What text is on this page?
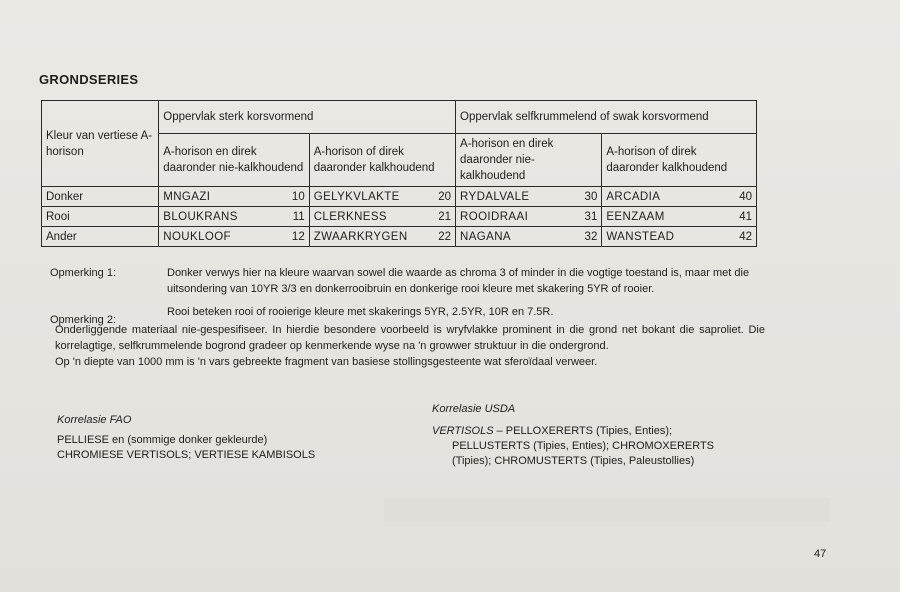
GRONDSERIES
Kleur van vertiese A-horison	Oppervlak sterk korsvormend		Oppervlak selfkrummelend of swak korsvormend	
	A-horison en direk daaronder nie-kalkhoudend	A-horison of direk daaronder kalkhoudend	A-horison en direk daaronder nie-kalkhoudend	A-horison of direk daaronder kalkhoudend
Donker	MNGAZI 10	GELYKVLAKTE 20	RYDALVALE 30	ARCADIA 40

Rooi	BLOUKRANS 11	CLERKNESS 21	ROOIDRAAI 31	EENZAAM 41

Ander	NOUKLOOF 12	ZWAARKRYGEN 22	NAGANA 32	WANSTEAD 42
Opmerking 1:	Donker verwys hier na kleure waarvan sowel die waarde as chroma 3 of minder in die vogtige toestand is, maar met die uitsondering van 10YR 3/3 en donkerrooibruin en donkerige rooi kleure met skakering 5YR of rooier.
Opmerking 2:
Rooi beteken rooi of rooierige kleure met skakerings 5YR, 2.5YR, 10R en 7.5R.

Onderliggende materiaal nie-gespesifiseer. In hierdie besondere voorbeeld is wryfvlakke prominent in die grond net bokant die saproliet. Die korrelagtige, selfkrummelende bogrond gradeer op kenmerkende wyse na 'n growwer struktuur in die ondergrond.

Op 'n diepte van 1000 mm is 'n vars gebreekte fragment van basiese stollingsgesteente wat sferoïdaal verweer.

Korrelasie FAO
PELLIESE en (sommige donker gekleurde)
CHROMIESE VERTISOLS; VERTIESE KAMBISOLS
Korrelasie USDA
VERTISOLS – PELLOXERERTS (Tipies, Enties);
PELLUSTERTS (Tipies, Enties); CHROMOXERERTS
(Tipies); CHROMUSTERTS (Tipies, Paleustollies)
47
